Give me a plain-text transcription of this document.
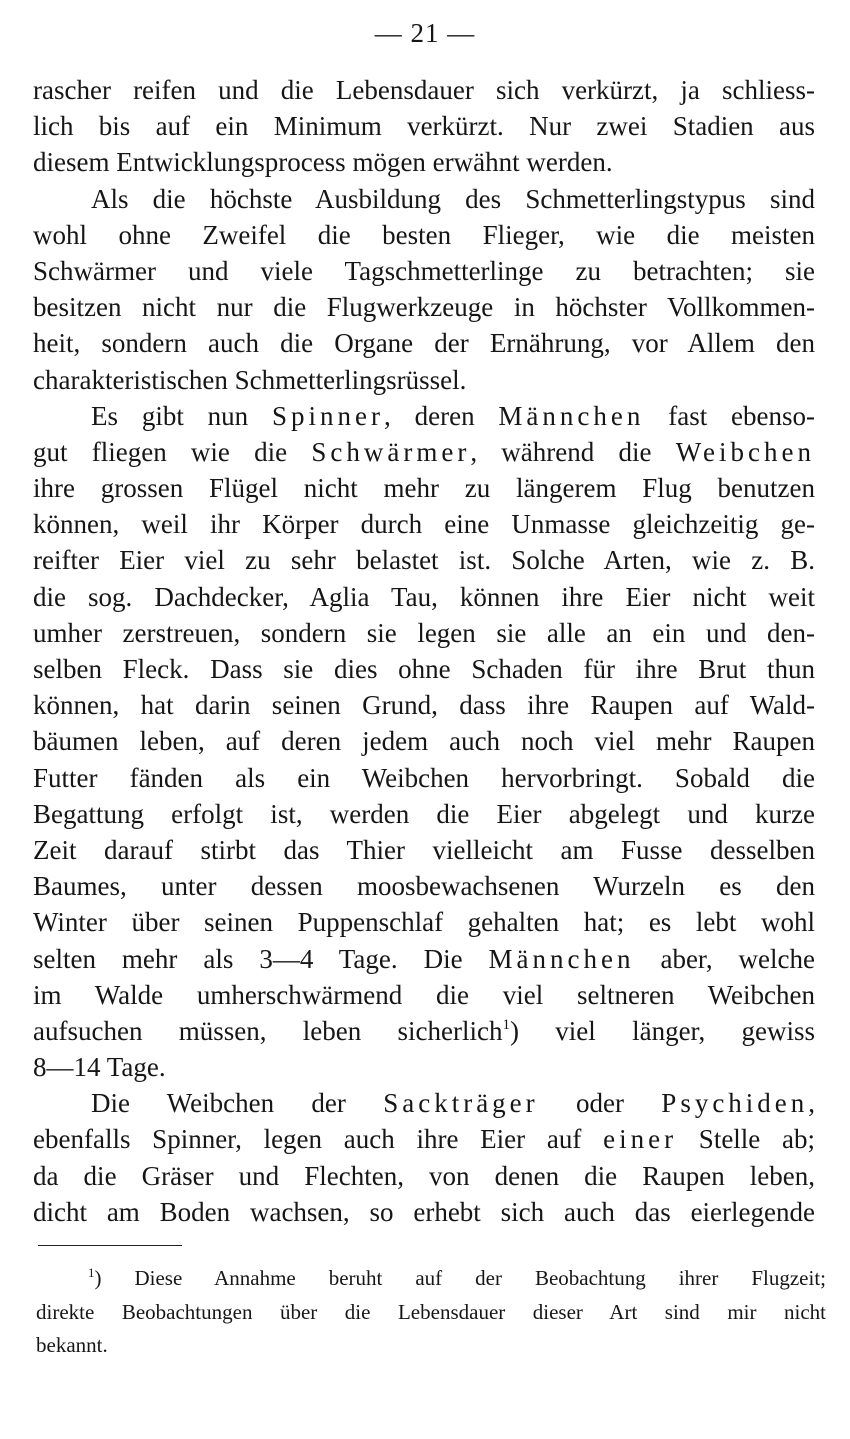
— 21 —
rascher reifen und die Lebensdauer sich verkürzt, ja schliess-
lich bis auf ein Minimum verkürzt. Nur zwei Stadien aus
diesem Entwicklungsprocess mögen erwähnt werden.
Als die höchste Ausbildung des Schmetterlingstypus sind
wohl ohne Zweifel die besten Flieger, wie die meisten
Schwärmer und viele Tagschmetterlinge zu betrachten; sie
besitzen nicht nur die Flugwerkzeuge in höchster Vollkommen-
heit, sondern auch die Organe der Ernährung, vor Allem den
charakteristischen Schmetterlingsrüssel.
Es gibt nun Spinner, deren Männchen fast ebenso-
gut fliegen wie die Schwärmer, während die Weibchen
ihre grossen Flügel nicht mehr zu längerem Flug benutzen
können, weil ihr Körper durch eine Unmasse gleichzeitig ge-
reifter Eier viel zu sehr belastet ist. Solche Arten, wie z. B.
die sog. Dachdecker, Aglia Tau, können ihre Eier nicht weit
umher zerstreuen, sondern sie legen sie alle an ein und den-
selben Fleck. Dass sie dies ohne Schaden für ihre Brut thun
können, hat darin seinen Grund, dass ihre Raupen auf Wald-
bäumen leben, auf deren jedem auch noch viel mehr Raupen
Futter fänden als ein Weibchen hervorbringt. Sobald die
Begattung erfolgt ist, werden die Eier abgelegt und kurze
Zeit darauf stirbt das Thier vielleicht am Fusse desselben
Baumes, unter dessen moosbewachsenen Wurzeln es den
Winter über seinen Puppenschlaf gehalten hat; es lebt wohl
selten mehr als 3—4 Tage. Die Männchen aber, welche
im Walde umherschwärmend die viel seltneren Weibchen
aufsuchen müssen, leben sicherlich$^1$) viel länger, gewiss
8—14 Tage.
Die Weibchen der Sackträger oder Psychiden,
ebenfalls Spinner, legen auch ihre Eier auf einer Stelle ab;
da die Gräser und Flechten, von denen die Raupen leben,
dicht am Boden wachsen, so erhebt sich auch das eierlegende
$^1$) Diese Annahme beruht auf der Beobachtung ihrer Flugzeit;
direkte Beobachtungen über die Lebensdauer dieser Art sind mir nicht
bekannt.
